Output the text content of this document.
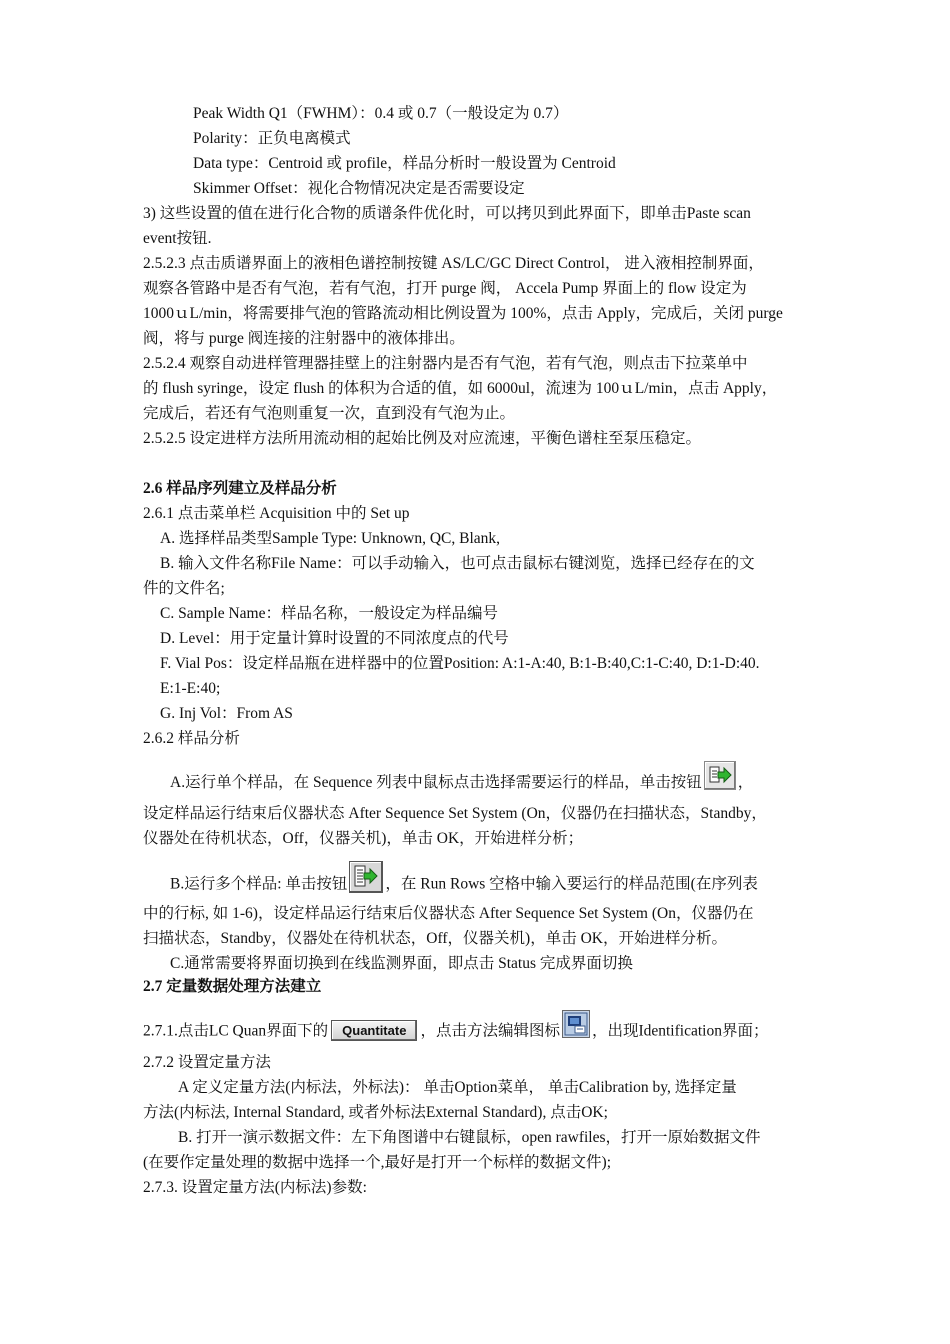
Peak Width Q1（FWHM）：0.4 或 0.7（一般设定为 0.7）
Polarity：正负电离模式
Data type：Centroid 或 profile，样品分析时一般设置为 Centroid
Skimmer Offset：视化合物情况决定是否需要设定
3) 这些设置的值在进行化合物的质谱条件优化时，可以拷贝到此界面下，即单击Paste scan
event按钮.
2.5.2.3 点击质谱界面上的液相色谱控制按键 AS/LC/GC Direct Control， 进入液相控制界面，
观察各管路中是否有气泡，若有气泡，打开 purge 阀， Accela Pump 界面上的 flow 设定为
1000ｕL/min，将需要排气泡的管路流动相比例设置为 100%，点击 Apply，完成后，关闭 purge
阀，将与 purge 阀连接的注射器中的液体排出。
2.5.2.4 观察自动进样管理器挂壁上的注射器内是否有气泡，若有气泡，则点击下拉菜单中
的 flush syringe，设定 flush 的体积为合适的值，如 6000ul，流速为 100ｕL/min，点击 Apply，
完成后，若还有气泡则重复一次，直到没有气泡为止。
2.5.2.5 设定进样方法所用流动相的起始比例及对应流速，平衡色谱柱至泵压稳定。
2.6 样品序列建立及样品分析
2.6.1 点击菜单栏 Acquisition 中的 Set up
A. 选择样品类型Sample Type: Unknown, QC, Blank,
B. 输入文件名称File Name：可以手动输入，也可点击鼠标右键浏览，选择已经存在的文
件的文件名;
C. Sample Name：样品名称，一般设定为样品编号
D. Level：用于定量计算时设置的不同浓度点的代号
F. Vial Pos：设定样品瓶在进样器中的位置Position: A:1-A:40, B:1-B:40,C:1-C:40, D:1-D:40.
E:1-E:40;
G. Inj Vol：From AS
2.6.2 样品分析
设定样品运行结束后仪器状态 After Sequence Set System (On，仪器仍在扫描状态，Standby，
仪器处在待机状态，Off，仪器关机)，单击 OK，开始进样分析；
中的行标, 如 1-6)，设定样品运行结束后仪器状态 After Sequence Set System (On，仪器仍在
扫描状态，Standby，仪器处在待机状态，Off，仪器关机)，单击 OK，开始进样分析。
C.通常需要将界面切换到在线监测界面，即点击 Status 完成界面切换
2.7 定量数据处理方法建立
2.7.2 设置定量方法
A 定义定量方法(内标法，外标法)： 单击Option菜单， 单击Calibration by, 选择定量
方法(内标法, Internal Standard, 或者外标法External Standard), 点击OK;
B. 打开一演示数据文件：左下角图谱中右键鼠标，open rawfiles，打开一原始数据文件
(在要作定量处理的数据中选择一个,最好是打开一个标样的数据文件);
2.7.3. 设置定量方法(内标法)参数:
A.运行单个样品，在 Sequence 列表中鼠标点击选择需要运行的样品，单击按钮 ，
B.运行多个样品: 单击按钮 ，在 Run Rows 空格中输入要运行的样品范围(在序列表
2.7.1.点击LC Quan界面下的 Quantitate ，点击方法编辑图标 ，出现Identification界面；
